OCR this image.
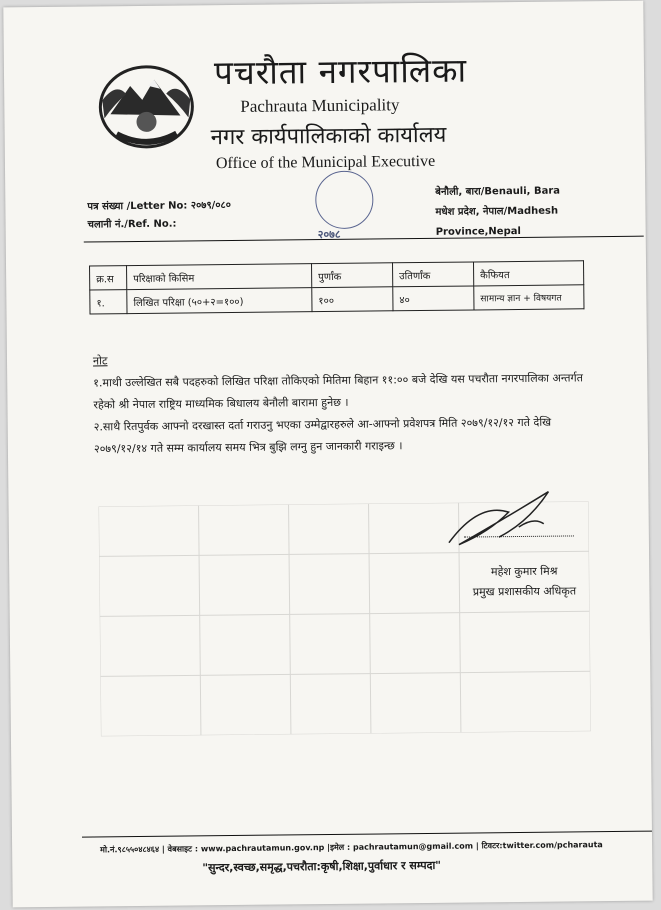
पचरौता नगरपालिका
Pachrauta Municipality
नगर कार्यपालिकाको कार्यालय
Office of the Municipal Executive
पत्र संख्या /Letter No: २०७९/०८०
चलानी नं./Ref. No.:
बेनौली, बारा/Benauli, Bara
मधेश प्रदेश, नेपाल/Madhesh Province,Nepal
२०७८
क्र.स	परिक्षाको किसिम	पुर्णांक	उतिर्णांक	कैफियत
१.	लिखित परिक्षा (५०+२=१००)	१००	४०	सामान्य ज्ञान + विषयगत
नोट
१.माथी उल्लेखित सबै पदहरुको लिखित परिक्षा तोकिएको मितिमा बिहान ११:०० बजे देखि यस पचरौता नगरपालिका अन्तर्गत रहेको श्री नेपाल राष्ट्रिय माध्यमिक बिधालय बेनौली बारामा हुनेछ ।
२.साथै रितपुर्वक आफ्नो दरखास्त दर्ता गराउनु भएका उम्मेद्वारहरुले आ-आफ्नो प्रवेशपत्र मिति २०७९/१२/१२ गते देखि २०७९/१२/१४ गते सम्म कार्यालय समय भित्र बुझि लग्नु हुन जानकारी गराइन्छ ।
महेश कुमार मिश्र
प्रमुख प्रशासकीय अधिकृत
मो.नं.९८५५०४८४६४ | वेबसाइट : www.pachrautamun.gov.np |इमेल : pachrautamun@gmail.com | टिवटर:twitter.com/pcharauta
"सुन्दर,स्वच्छ,समृद्ध,पचरौता:कृषी,शिक्षा,पुर्वाधार र सम्पदा"
